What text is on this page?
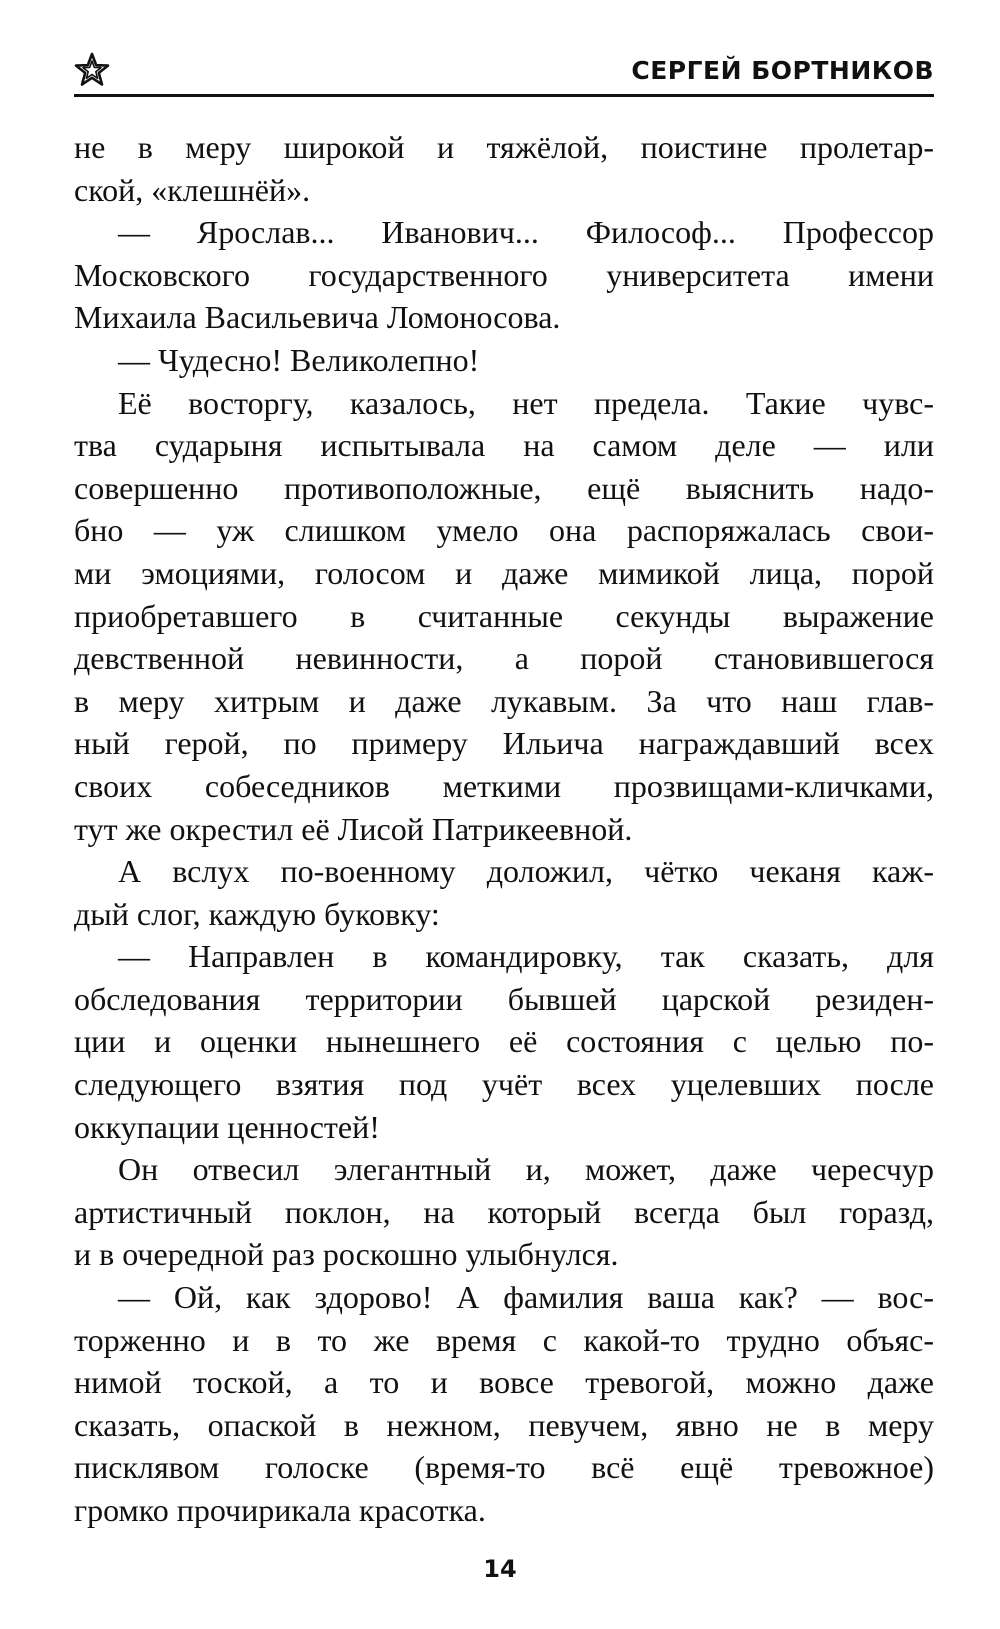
СЕРГЕЙ БОРТНИКОВ
не в меру широкой и тяжёлой, поистине пролетар-
ской, «клешнёй».
— Ярослав... Иванович... Философ... Профессор
Московского государственного университета имени
Михаила Васильевича Ломоносова.
— Чудесно! Великолепно!
Её восторгу, казалось, нет предела. Такие чувс-
тва сударыня испытывала на самом деле — или
совершенно противоположные, ещё выяснить надо-
бно — уж слишком умело она распоряжалась свои-
ми эмоциями, голосом и даже мимикой лица, порой
приобретавшего в считанные секунды выражение
девственной невинности, а порой становившегося
в меру хитрым и даже лукавым. За что наш глав-
ный герой, по примеру Ильича награждавший всех
своих собеседников меткими прозвищами-кличками,
тут же окрестил её Лисой Патрикеевной.
А вслух по-военному доложил, чётко чеканя каж-
дый слог, каждую буковку:
— Направлен в командировку, так сказать, для
обследования территории бывшей царской резиден-
ции и оценки нынешнего её состояния с целью по-
следующего взятия под учёт всех уцелевших после
оккупации ценностей!
Он отвесил элегантный и, может, даже чересчур
артистичный поклон, на который всегда был горазд,
и в очередной раз роскошно улыбнулся.
— Ой, как здорово! А фамилия ваша как? — вос-
торженно и в то же время с какой-то трудно объяс-
нимой тоской, а то и вовсе тревогой, можно даже
сказать, опаской в нежном, певучем, явно не в меру
писклявом голоске (время-то всё ещё тревожное)
громко прочирикала красотка.
14
